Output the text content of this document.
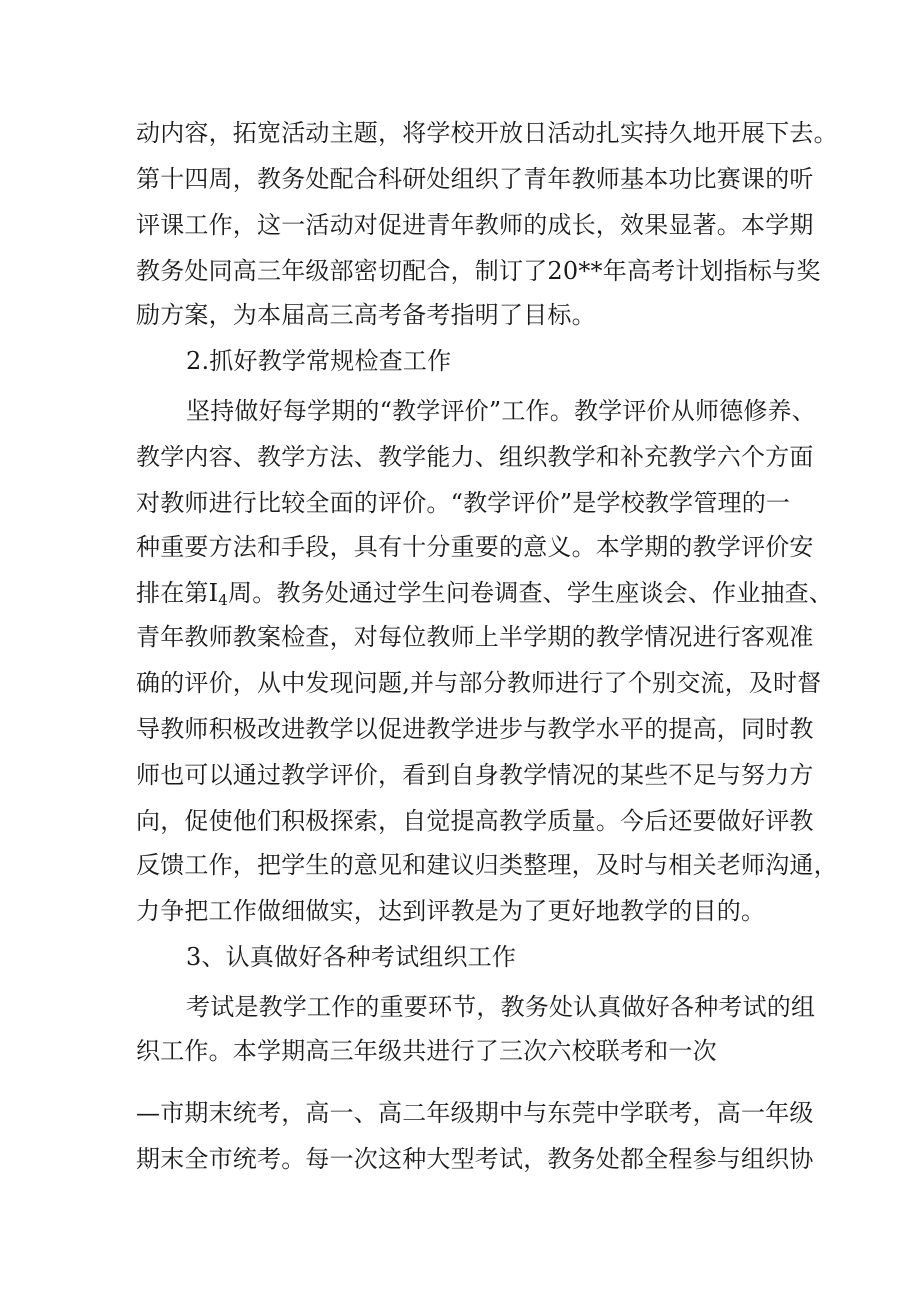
动内容，拓宽活动主题，将学校开放日活动扎实持久地开展下去。
第十四周，教务处配合科研处组织了青年教师基本功比赛课的听
评课工作，这一活动对促进青年教师的成长，效果显著。本学期
教务处同高三年级部密切配合，制订了20**年高考计划指标与奖
励方案，为本届高三高考备考指明了目标。
2.抓好教学常规检查工作
坚持做好每学期的“教学评价”工作。教学评价从师德修养、
教学内容、教学方法、教学能力、组织教学和补充教学六个方面
对教师进行比较全面的评价。“教学评价”是学校教学管理的一
种重要方法和手段，具有十分重要的意义。本学期的教学评价安
排在第$I_4$周。教务处通过学生问卷调查、学生座谈会、作业抽查、
青年教师教案检查，对每位教师上半学期的教学情况进行客观准
确的评价，从中发现问题,并与部分教师进行了个别交流，及时督
导教师积极改进教学以促进教学进步与教学水平的提高，同时教
师也可以通过教学评价，看到自身教学情况的某些不足与努力方
向，促使他们积极探索，自觉提高教学质量。今后还要做好评教
反馈工作，把学生的意见和建议归类整理，及时与相关老师沟通，
力争把工作做细做实，达到评教是为了更好地教学的目的。
3、认真做好各种考试组织工作
考试是教学工作的重要环节，教务处认真做好各种考试的组
织工作。本学期高三年级共进行了三次六校联考和一次
—市期末统考，高一、高二年级期中与东莞中学联考，高一年级
期末全市统考。每一次这种大型考试，教务处都全程参与组织协
